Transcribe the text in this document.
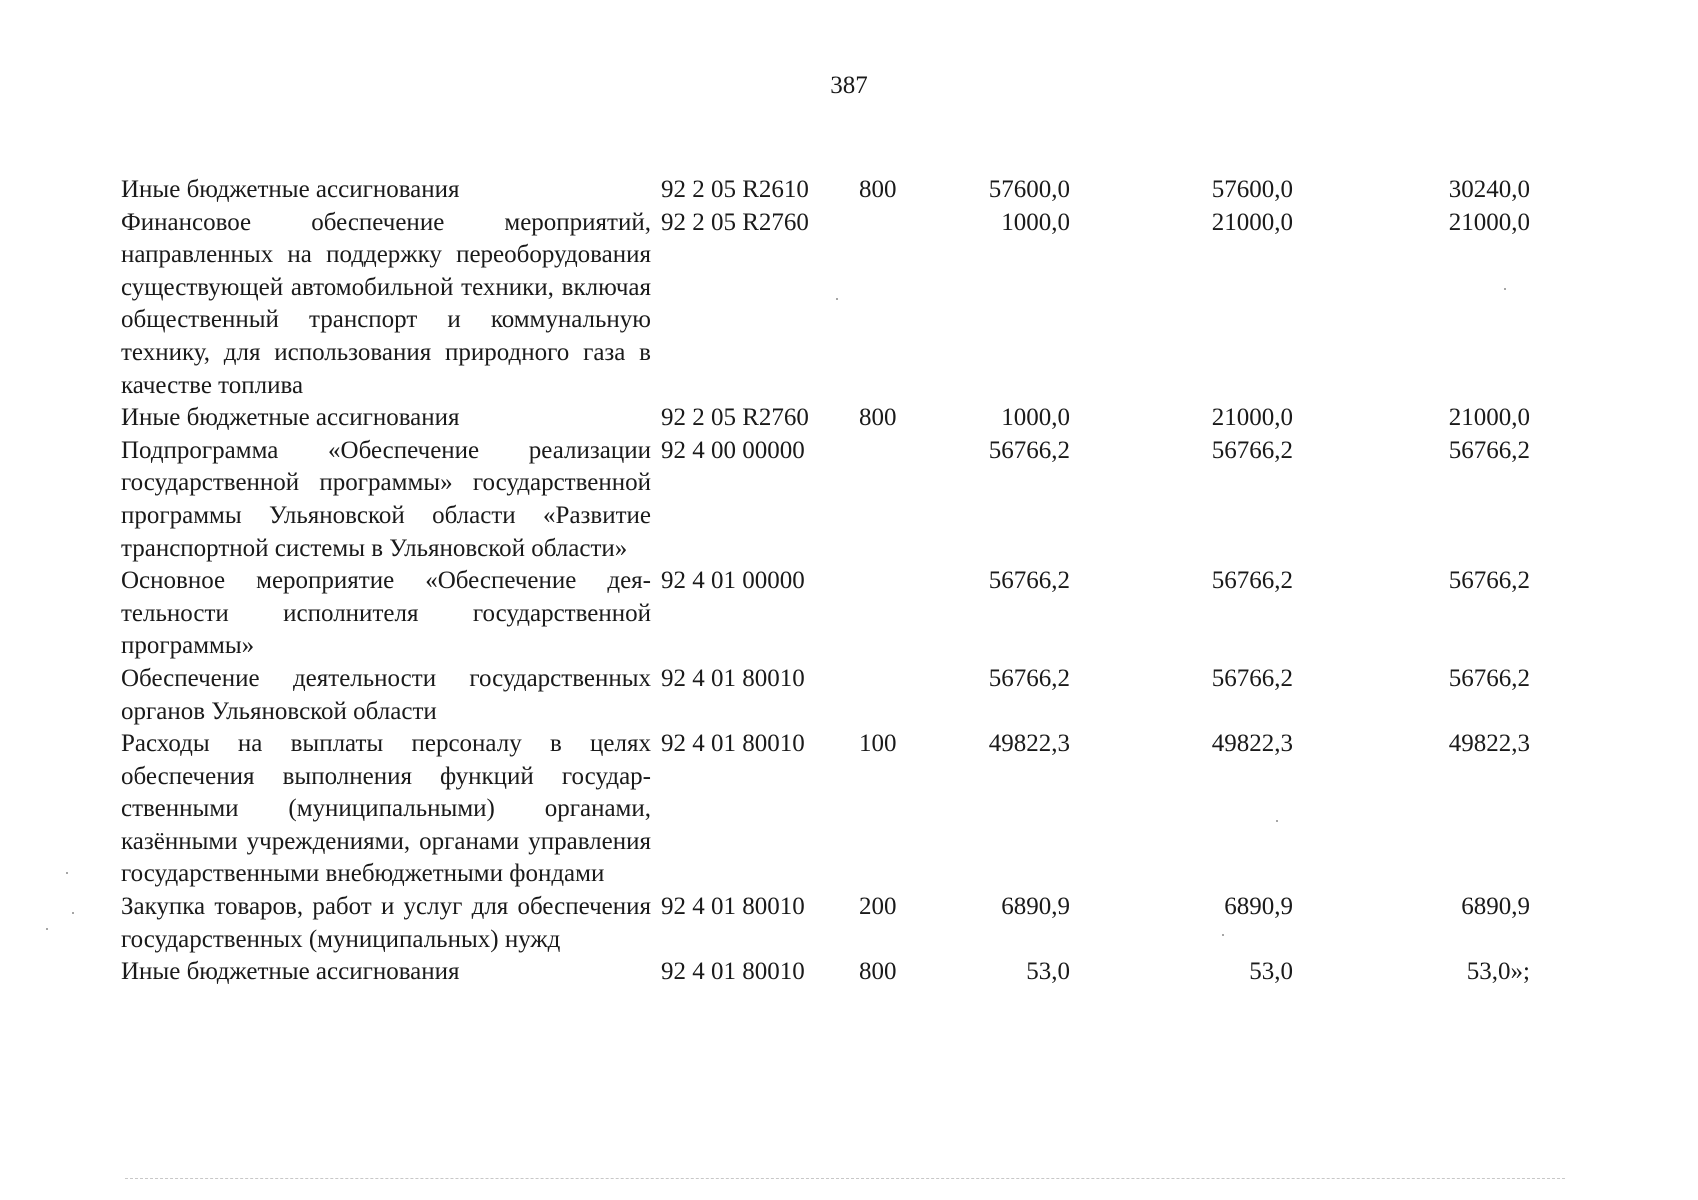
387
Иные бюджетные ассигнования	92 2 05 R2610	800	57600,0	57600,0	30240,0
Финансовое обеспечение мероприятий, направленных на поддержку переоборудования существующей автомобильной техники, включая общественный транспорт и коммунальную технику, для использования природного газа в качестве топлива	92 2 05 R2760		1000,0	21000,0	21000,0
Иные бюджетные ассигнования	92 2 05 R2760	800	1000,0	21000,0	21000,0
Подпрограмма «Обеспечение реализации государственной программы» государственной программы Ульяновской области «Развитие транспортной системы в Ульяновской области»	92 4 00 00000		56766,2	56766,2	56766,2
Основное мероприятие «Обеспечение деятельности исполнителя государственной программы»	92 4 01 00000		56766,2	56766,2	56766,2
Обеспечение деятельности государственных органов Ульяновской области	92 4 01 80010		56766,2	56766,2	56766,2
Расходы на выплаты персоналу в целях обеспечения выполнения функций государственными (муниципальными) органами, казёнными учреждениями, органами управления государственными внебюджетными фондами	92 4 01 80010	100	49822,3	49822,3	49822,3
Закупка товаров, работ и услуг для обеспечения государственных (муниципальных) нужд	92 4 01 80010	200	6890,9	6890,9	6890,9
Иные бюджетные ассигнования	92 4 01 80010	800	53,0	53,0	53,0»;
